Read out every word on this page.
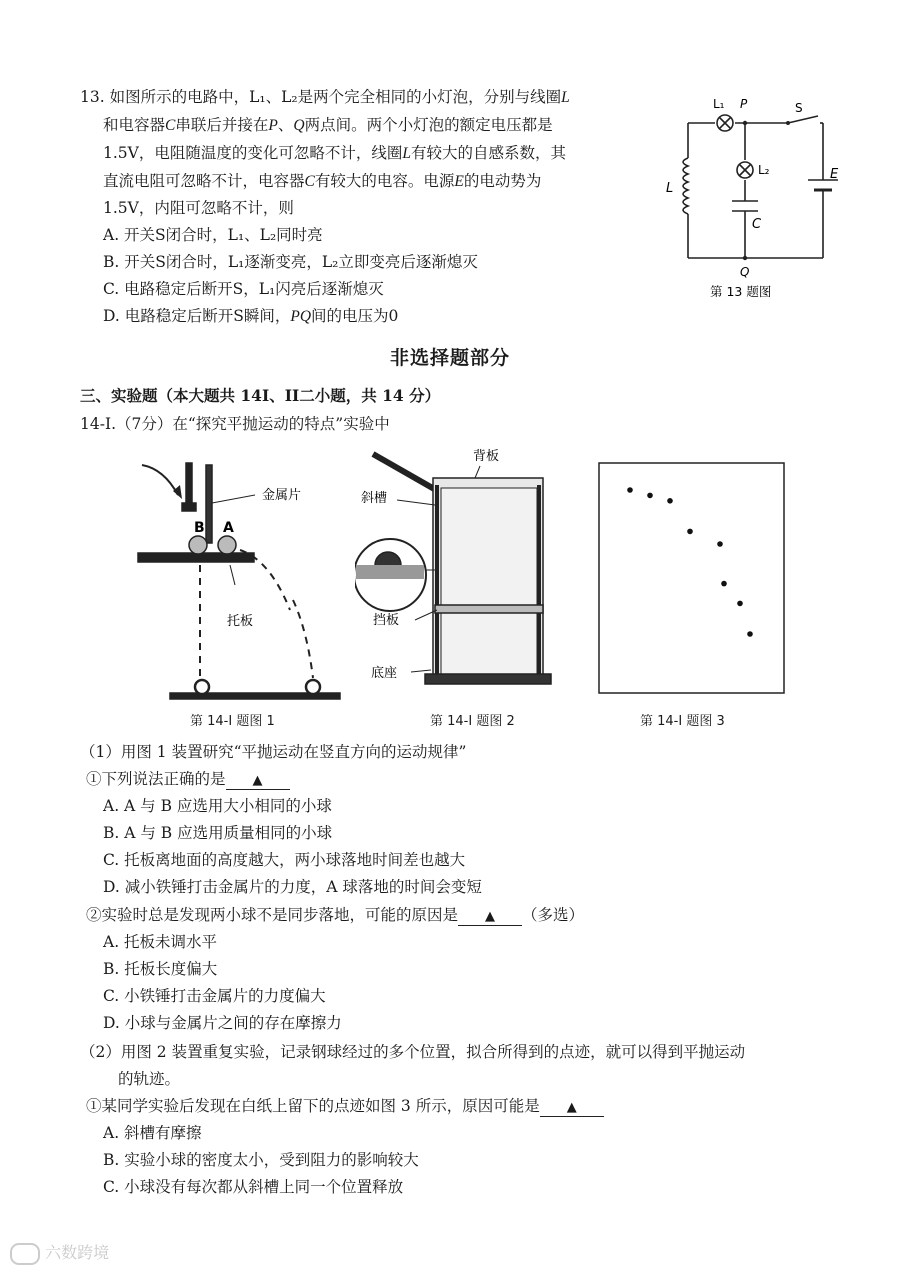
13. 如图所示的电路中，L₁、L₂是两个完全相同的小灯泡，分别与线圈L
和电容器C串联后并接在P、Q两点间。两个小灯泡的额定电压都是
1.5V，电阻随温度的变化可忽略不计，线圈L有较大的自感系数，其
直流电阻可忽略不计，电容器C有较大的电容。电源E的电动势为
1.5V，内阻可忽略不计，则
A. 开关S闭合时，L₁、L₂同时亮
B. 开关S闭合时，L₁逐渐变亮，L₂立即变亮后逐渐熄灭
C. 电路稳定后断开S，L₁闪亮后逐渐熄灭
D. 电路稳定后断开S瞬间，PQ间的电压为0
L₁ P	S
L₂
L
C
E
Q
第 13 题图
非选择题部分
三、实验题（本大题共 14I、II二小题，共 14 分）
14-I.（7分）在“探究平抛运动的特点”实验中
金属片
B A
托板
第 14-I 题图 1
背板
斜槽
挡板
底座
第 14-I 题图 2	第 14-I 题图 3
（1）用图 1 装置研究“平抛运动在竖直方向的运动规律”
①下列说法正确的是 ▲
A. A 与 B 应选用大小相同的小球
B. A 与 B 应选用质量相同的小球
C. 托板离地面的高度越大，两小球落地时间差也越大
D. 减小铁锤打击金属片的力度，A 球落地的时间会变短
②实验时总是发现两小球不是同步落地，可能的原因是 ▲ （多选）
A. 托板未调水平
B. 托板长度偏大
C. 小铁锤打击金属片的力度偏大
D. 小球与金属片之间的存在摩擦力
（2）用图 2 装置重复实验，记录钢球经过的多个位置，拟合所得到的点迹，就可以得到平抛运动
的轨迹。
①某同学实验后发现在白纸上留下的点迹如图 3 所示，原因可能是 ▲
A. 斜槽有摩擦
B. 实验小球的密度太小，受到阻力的影响较大
C. 小球没有每次都从斜槽上同一个位置释放
六数跨境
